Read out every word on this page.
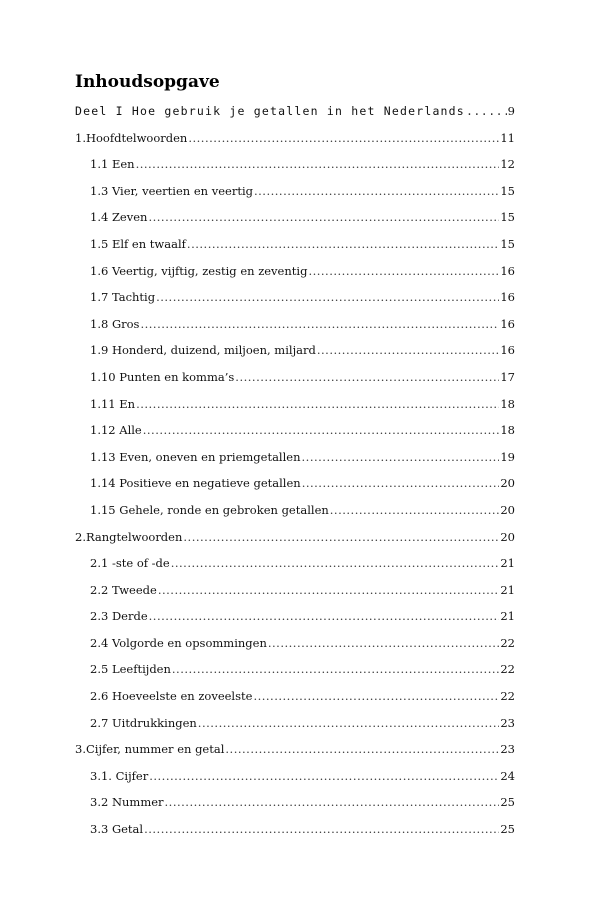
Inhoudsopgave
Deel I Hoe gebruik je getallen in het Nederlands .....	9
1.Hoofdtelwoorden .....	11
1.1 Een .....	12
1.3 Vier, veertien en veertig .....	15
1.4 Zeven .....	15
1.5 Elf en twaalf .....	15
1.6 Veertig, vijftig, zestig en zeventig .....	16
1.7 Tachtig .....	16
1.8 Gros .....	16
1.9 Honderd, duizend, miljoen, miljard .....	16
1.10 Punten en komma’s .....	17
1.11 En .....	18
1.12 Alle .....	18
1.13 Even, oneven en priemgetallen .....	19
1.14 Positieve en negatieve getallen .....	20
1.15 Gehele, ronde en gebroken getallen .....	20
2.Rangtelwoorden .....	20
2.1 -ste of -de .....	21
2.2 Tweede .....	21
2.3 Derde .....	21
2.4 Volgorde en opsommingen .....	22
2.5 Leeftijden .....	22
2.6 Hoeveelste en zoveelste .....	22
2.7 Uitdrukkingen .....	23
3.Cijfer, nummer en getal .....	23
3.1. Cijfer .....	24
3.2 Nummer .....	25
3.3 Getal .....	25
